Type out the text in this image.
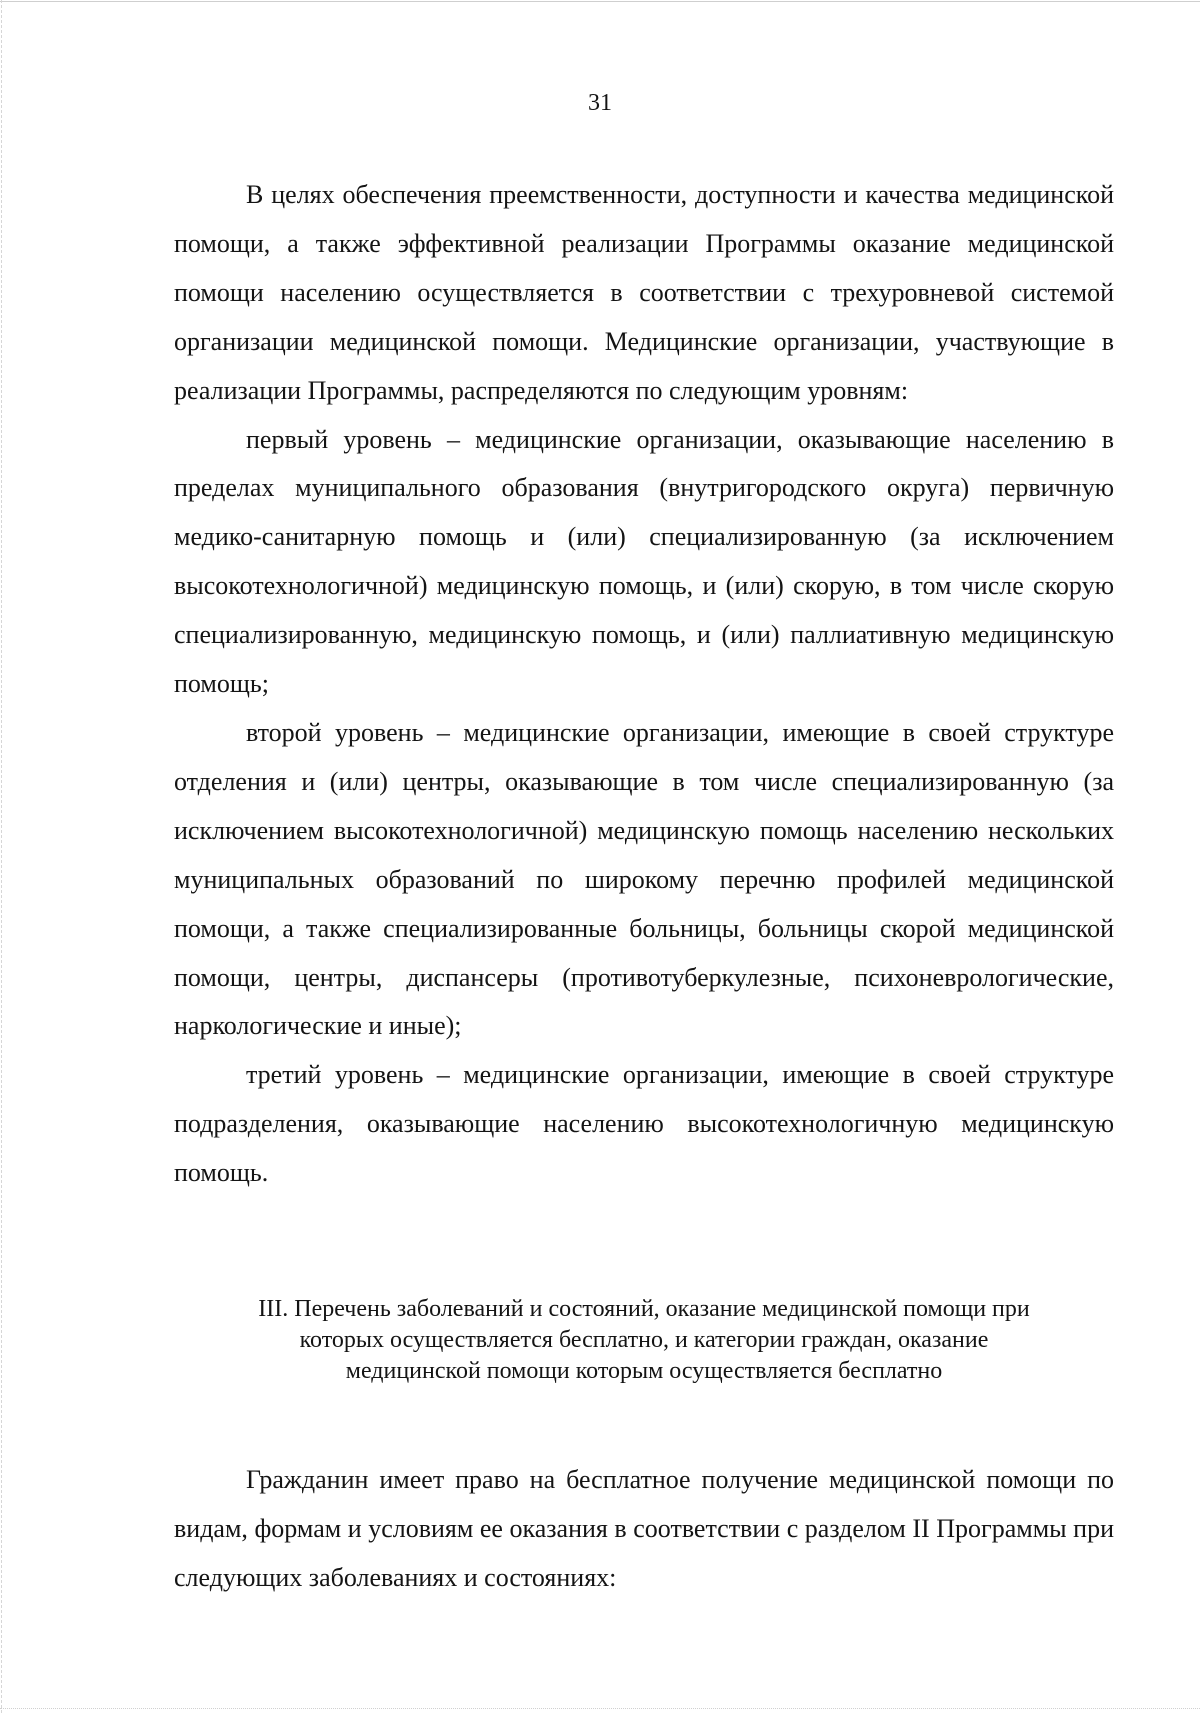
31

В целях обеспечения преемственности, доступности и качества медицинской помощи, а также эффективной реализации Программы оказание медицинской помощи населению осуществляется в соответствии с трехуровневой системой организации медицинской помощи. Медицинские организации, участвующие в реализации Программы, распределяются по следующим уровням:

первый уровень – медицинские организации, оказывающие населению в пределах муниципального образования (внутригородского округа) первичную медико-санитарную помощь и (или) специализированную (за исключением высокотехнологичной) медицинскую помощь, и (или) скорую, в том числе скорую специализированную, медицинскую помощь, и (или) паллиативную медицинскую помощь;

второй уровень – медицинские организации, имеющие в своей структуре отделения и (или) центры, оказывающие в том числе специализированную (за исключением высокотехнологичной) медицинскую помощь населению нескольких муниципальных образований по широкому перечню профилей медицинской помощи, а также специализированные больницы, больницы скорой медицинской помощи, центры, диспансеры (противотуберкулезные, психоневрологические, наркологические и иные);

третий уровень – медицинские организации, имеющие в своей структуре подразделения, оказывающие населению высокотехнологичную медицинскую помощь.

III. Перечень заболеваний и состояний, оказание медицинской помощи при

которых осуществляется бесплатно, и категории граждан, оказание

медицинской помощи которым осуществляется бесплатно

Гражданин имеет право на бесплатное получение медицинской помощи по видам, формам и условиям ее оказания в соответствии с разделом II Программы при следующих заболеваниях и состояниях:
